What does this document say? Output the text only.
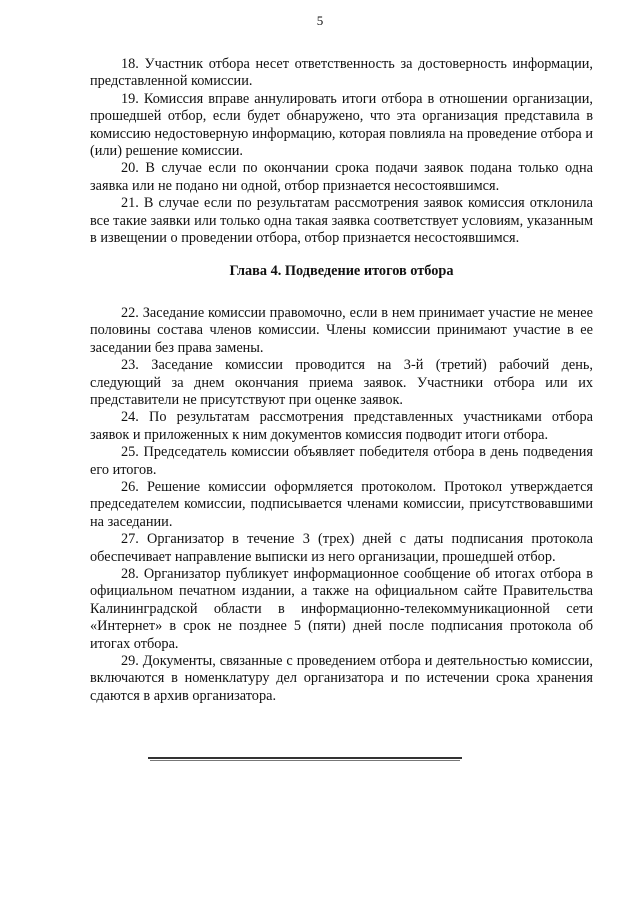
5

18. Участник отбора несет ответственность за достоверность информации, представленной комиссии.

19. Комиссия вправе аннулировать итоги отбора в отношении организации, прошедшей отбор, если будет обнаружено, что эта организация представила в комиссию недостоверную информацию, которая повлияла на проведение отбора и (или) решение комиссии.

20. В случае если по окончании срока подачи заявок подана только одна заявка или не подано ни одной, отбор признается несостоявшимся.

21. В случае если по результатам рассмотрения заявок комиссия отклонила все такие заявки или только одна такая заявка соответствует условиям, указанным в извещении о проведении отбора, отбор признается несостоявшимся.

Глава 4. Подведение итогов отбора

22. Заседание комиссии правомочно, если в нем принимает участие не менее половины состава членов комиссии. Члены комиссии принимают участие в ее заседании без права замены.

23. Заседание комиссии проводится на 3-й (третий) рабочий день, следующий за днем окончания приема заявок. Участники отбора или их представители не присутствуют при оценке заявок.

24. По результатам рассмотрения представленных участниками отбора заявок и приложенных к ним документов комиссия подводит итоги отбора.

25. Председатель комиссии объявляет победителя отбора в день подведения его итогов.

26. Решение комиссии оформляется протоколом. Протокол утверждается председателем комиссии, подписывается членами комиссии, присутствовавшими на заседании.

27. Организатор в течение 3 (трех) дней с даты подписания протокола обеспечивает направление выписки из него организации, прошедшей отбор.

28. Организатор публикует информационное сообщение об итогах отбора в официальном печатном издании, а также на официальном сайте Правительства Калининградской области в информационно-телекоммуникационной сети «Интернет» в срок не позднее 5 (пяти) дней после подписания протокола об итогах отбора.

29. Документы, связанные с проведением отбора и деятельностью комиссии, включаются в номенклатуру дел организатора и по истечении срока хранения сдаются в архив организатора.
